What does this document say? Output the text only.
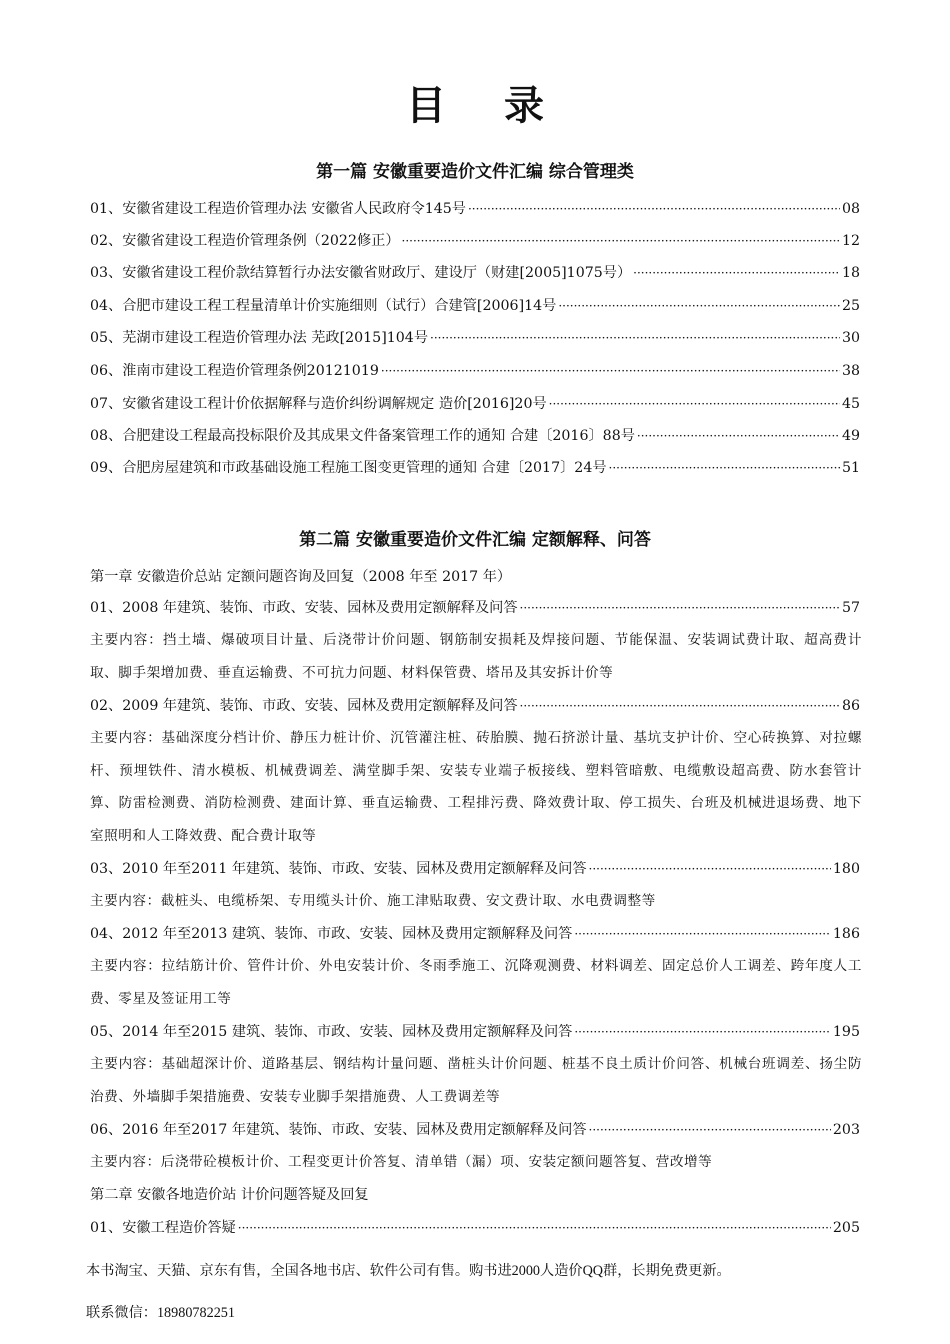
目 录
第一篇 安徽重要造价文件汇编 综合管理类
01、安徽省建设工程造价管理办法 安徽省人民政府令145号 ·····	08
02、安徽省建设工程造价管理条例（2022修正） ·····	12
03、安徽省建设工程价款结算暂行办法安徽省财政厅、建设厅（财建[2005]1075号） ·····	18
04、合肥市建设工程工程量清单计价实施细则（试行）合建管[2006]14号 ·····	25
05、芜湖市建设工程造价管理办法 芜政[2015]104号 ·····	30
06、淮南市建设工程造价管理条例20121019 ·····	38
07、安徽省建设工程计价依据解释与造价纠纷调解规定 造价[2016]20号 ·····	45
08、合肥建设工程最高投标限价及其成果文件备案管理工作的通知 合建〔2016〕88号 ·····	49
09、合肥房屋建筑和市政基础设施工程施工图变更管理的通知 合建〔2017〕24号 ·····	51
第二篇 安徽重要造价文件汇编 定额解释、问答
第一章 安徽造价总站 定额问题咨询及回复（2008 年至 2017 年）
01、2008 年建筑、装饰、市政、安装、园林及费用定额解释及问答 ·····	57
主要内容：挡土墙、爆破项目计量、后浇带计价问题、钢筋制安损耗及焊接问题、节能保温、安装调试费计取、超高费计取、脚手架增加费、垂直运输费、不可抗力问题、材料保管费、塔吊及其安拆计价等
02、2009 年建筑、装饰、市政、安装、园林及费用定额解释及问答 ·····	86
主要内容：基础深度分档计价、静压力桩计价、沉管灌注桩、砖胎膜、抛石挤淤计量、基坑支护计价、空心砖换算、对拉螺杆、预埋铁件、清水模板、机械费调差、满堂脚手架、安装专业端子板接线、塑料管暗敷、电缆敷设超高费、防水套管计算、防雷检测费、消防检测费、建面计算、垂直运输费、工程排污费、降效费计取、停工损失、台班及机械进退场费、地下室照明和人工降效费、配合费计取等
03、2010 年至2011 年建筑、装饰、市政、安装、园林及费用定额解释及问答 ·····	180
主要内容：截桩头、电缆桥架、专用缆头计价、施工津贴取费、安文费计取、水电费调整等
04、2012 年至2013 建筑、装饰、市政、安装、园林及费用定额解释及问答 ·····	186
主要内容：拉结筋计价、管件计价、外电安装计价、冬雨季施工、沉降观测费、材料调差、固定总价人工调差、跨年度人工费、零星及签证用工等
05、2014 年至2015 建筑、装饰、市政、安装、园林及费用定额解释及问答 ·····	195
主要内容：基础超深计价、道路基层、钢结构计量问题、凿桩头计价问题、桩基不良土质计价问答、机械台班调差、扬尘防治费、外墙脚手架措施费、安装专业脚手架措施费、人工费调差等
06、2016 年至2017 年建筑、装饰、市政、安装、园林及费用定额解释及问答 ·····	203
主要内容：后浇带砼模板计价、工程变更计价答复、清单错（漏）项、安装定额问题答复、营改增等
第二章 安徽各地造价站 计价问题答疑及回复
01、安徽工程造价答疑 ·····	205
本书淘宝、天猫、京东有售，全国各地书店、软件公司有售。购书进2000人造价QQ群，长期免费更新。
联系微信：18980782251
